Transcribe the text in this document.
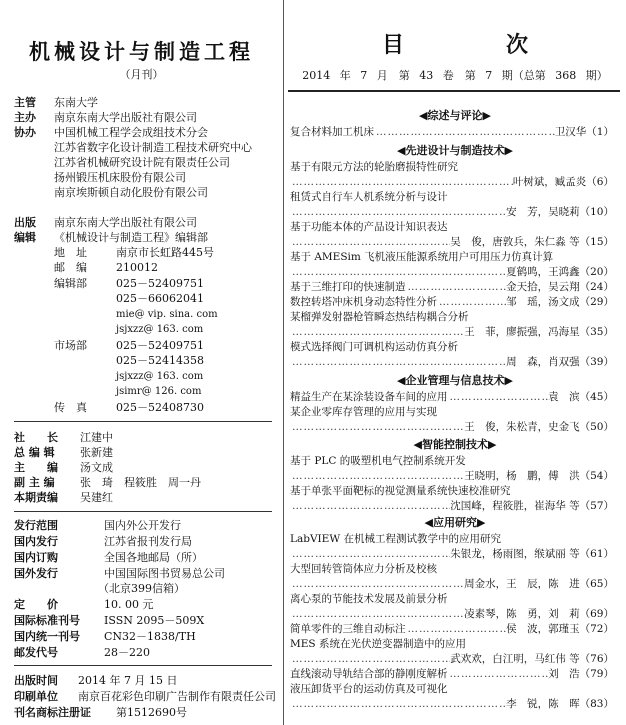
机械设计与制造工程
（月刊）
主管 东南大学
主办 南京东南大学出版社有限公司
协办 中国机械工程学会成组技术分会
江苏省数字化设计制造工程技术研究中心
江苏省机械研究设计院有限责任公司
扬州锻压机床股份有限公司
南京埃斯顿自动化股份有限公司
出版 南京东南大学出版社有限公司
编辑 《机械设计与制造工程》编辑部
地　址	南京市长虹路445号
邮　编	210012
编辑部	025－52409751
025－66062041
mie@ vip. sina. com
jsjxzz@ 163. com
市场部	025－52409751
025－52414358
jsjxzz@ 163. com
jsimr@ 126. com
传　真	025－52408730
社　　长 江建中
总 编 辑 张新建
主　　编 汤文成
副 主 编 张　琦　程筱胜　周一丹
本期责编 吴建红
发行范围	国内外公开发行
国内发行	江苏省报刊发行局
国内订购	全国各地邮局（所）
国外发行	中国国际图书贸易总公司
（北京399信箱）
定　　价	10. 00 元
国际标准刊号 ISSN 2095－509X
国内统一刊号 CN32－1838/TH
邮发代号	28－220
出版时间 2014 年 7 月 15 日
印刷单位 南京百花彩色印刷广告制作有限责任公司
刊名商标注册证 第1512690号
目　次
2014 年 7 月　第 43 卷　第 7 期（总第 368 期）
◀综述与评论▶
复合材料加工机床 …………………………………………………………………………………………………	卫汉华（1）
◀先进设计与制造技术▶
基于有限元方法的轮胎磨损特性研究
…………………………………………………………………………………………………
叶树斌，臧孟炎（6）
租赁式自行车人机系统分析与设计
…………………………………………………………………………………………………
安　芳，吴晓莉（10）
基于功能本体的产品设计知识表达
…………………………………………………………………………………………………
吴　俊，唐敦兵，朱仁淼 等（15）
基于 AMESim 飞机液压能源系统用户可用压力仿真计算
…………………………………………………………………………………………………
夏鹤鸣，王鸿鑫（20）
基于三维打印的快速制造 …………………………………………………………………………………………………	金天拾，吴云翔（24）
数控转塔冲床机身动态特性分析 …………………………………………………………………………………………………	邹　瑶，汤文成（29）
某榴弹发射器枪管瞬态热结构耦合分析
…………………………………………………………………………………………………
王　菲，廖振强，冯海星（35）
模式选择阀门可调机构运动仿真分析
…………………………………………………………………………………………………
周　森，肖双强（39）
◀企业管理与信息技术▶
精益生产在某涂装设备车间的应用 …………………………………………………………………………………………………	袁　滨（45）
某企业零库存管理的应用与实现
…………………………………………………………………………………………………
王　俊，朱松青，史金飞（50）
◀智能控制技术▶
基于 PLC 的吸塑机电气控制系统开发
…………………………………………………………………………………………………
王晓明，杨　鹏，傅　洪（54）
基于单张平面靶标的视觉测量系统快速校准研究
…………………………………………………………………………………………………
沈国峰，程筱胜，崔海华 等（57）
◀应用研究▶
LabVIEW 在机械工程测试教学中的应用研究
…………………………………………………………………………………………………
朱银龙，杨雨图，缑斌丽 等（61）
大型回转管筒体应力分析及校核
…………………………………………………………………………………………………
周金水，王　辰，陈　进（65）
离心泵的节能技术发展及前景分析
…………………………………………………………………………………………………
凌素琴，陈　勇，刘　莉（69）
简单零件的三维自动标注 …………………………………………………………………………………………………	侯　波，郭瑾玉（72）
MES 系统在光伏逆变器制造中的应用
…………………………………………………………………………………………………
武欢欢，白江明，马红伟 等（76）
直线滚动导轨结合部的静刚度解析 …………………………………………………………………………………………………	刘　浩（79）
液压卸货平台的运动仿真及可视化
…………………………………………………………………………………………………
李　锐，陈　晖（83）
